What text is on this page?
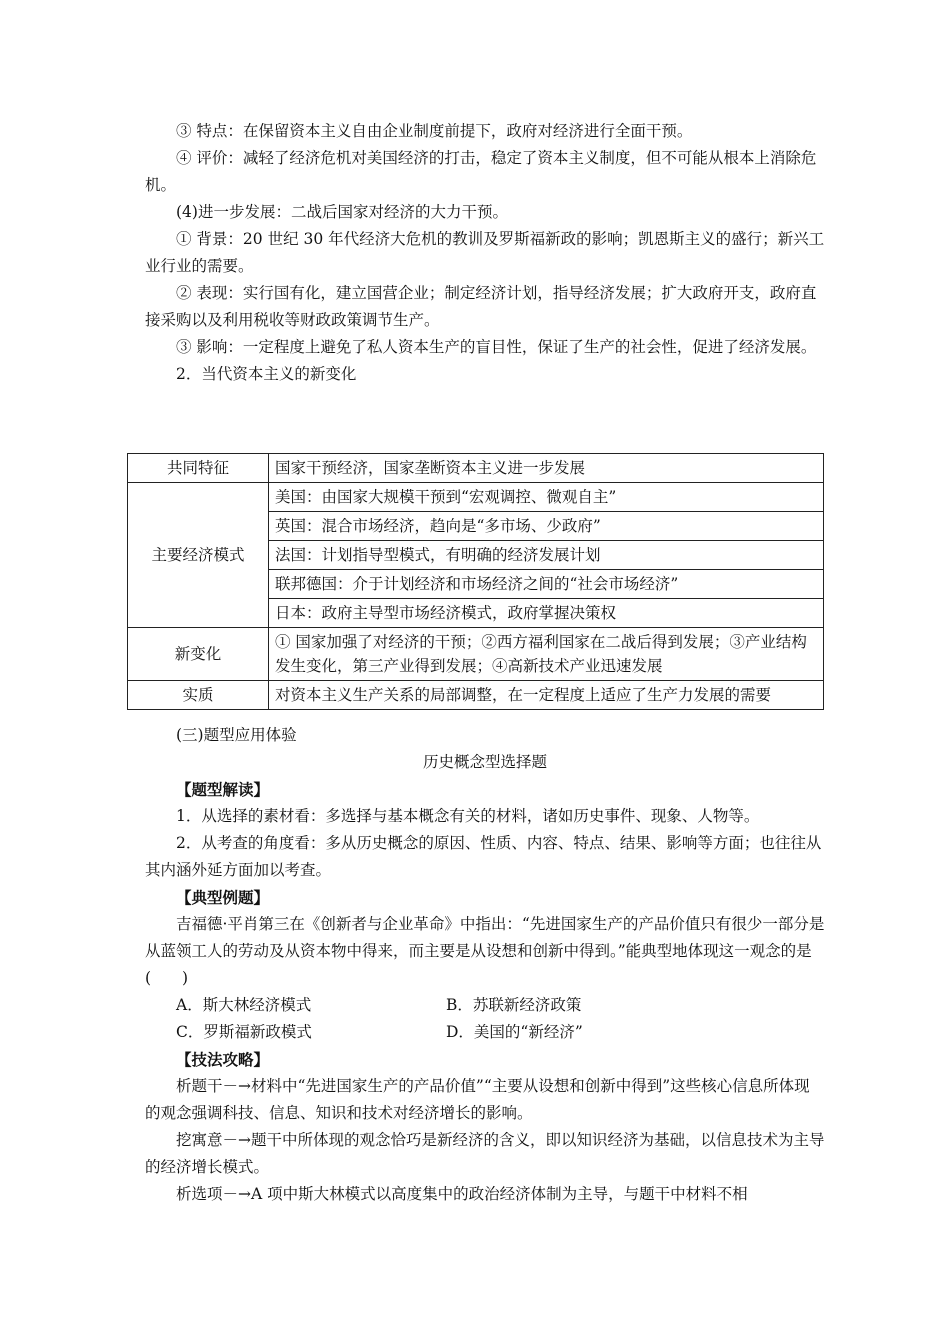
③ 特点：在保留资本主义自由企业制度前提下，政府对经济进行全面干预。

④ 评价：减轻了经济危机对美国经济的打击，稳定了资本主义制度，但不可能从根本上消除危机。

(4)进一步发展：二战后国家对经济的大力干预。

① 背景：20 世纪 30 年代经济大危机的教训及罗斯福新政的影响；凯恩斯主义的盛行；新兴工业行业的需要。

② 表现：实行国有化，建立国营企业；制定经济计划，指导经济发展；扩大政府开支，政府直接采购以及利用税收等财政政策调节生产。

③ 影响：一定程度上避免了私人资本生产的盲目性，保证了生产的社会性，促进了经济发展。

2．当代资本主义的新变化

共同特征	国家干预经济，国家垄断资本主义进一步发展
主要经济模式	美国：由国家大规模干预到“宏观调控、微观自主”
	英国：混合市场经济，趋向是“多市场、少政府”
	法国：计划指导型模式，有明确的经济发展计划
	联邦德国：介于计划经济和市场经济之间的“社会市场经济”
	日本：政府主导型市场经济模式，政府掌握决策权
新变化	① 国家加强了对经济的干预；②西方福利国家在二战后得到发展；③产业结构发生变化，第三产业得到发展；④高新技术产业迅速发展
实质	对资本主义生产关系的局部调整，在一定程度上适应了生产力发展的需要

(三)题型应用体验

历史概念型选择题

【题型解读】

1．从选择的素材看：多选择与基本概念有关的材料，诸如历史事件、现象、人物等。

2．从考查的角度看：多从历史概念的原因、性质、内容、特点、结果、影响等方面；也往往从其内涵外延方面加以考查。

【典型例题】

吉福德·平肖第三在《创新者与企业革命》中指出：“先进国家生产的产品价值只有很少一部分是从蓝领工人的劳动及从资本物中得来，而主要是从设想和创新中得到。”能典型地体现这一观念的是(　　)

A．斯大林经济模式	B．苏联新经济政策
C．罗斯福新政模式	D．美国的“新经济”

【技法攻略】

析题干－→材料中“先进国家生产的产品价值”“主要从设想和创新中得到”这些核心信息所体现的观念强调科技、信息、知识和技术对经济增长的影响。

挖寓意－→题干中所体现的观念恰巧是新经济的含义，即以知识经济为基础，以信息技术为主导的经济增长模式。

析选项－→A 项中斯大林模式以高度集中的政治经济体制为主导，与题干中材料不相
